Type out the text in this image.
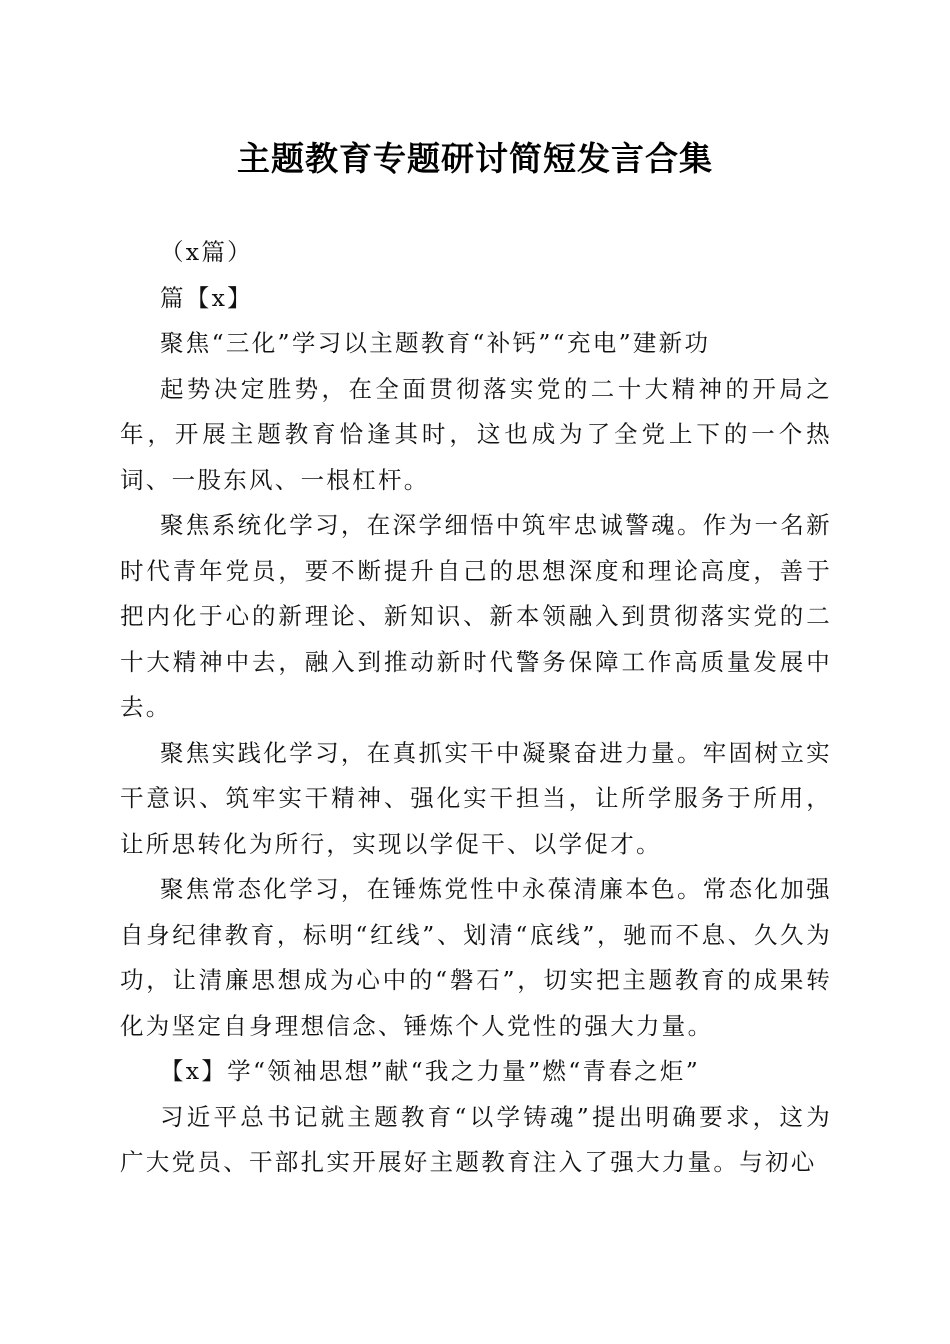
主题教育专题研讨简短发言合集

（x篇）

篇【x】

聚焦“三化”学习以主题教育“补钙”“充电”建新功

起势决定胜势，在全面贯彻落实党的二十大精神的开局之年，开展主题教育恰逢其时，这也成为了全党上下的一个热词、一股东风、一根杠杆。

聚焦系统化学习，在深学细悟中筑牢忠诚警魂。作为一名新时代青年党员，要不断提升自己的思想深度和理论高度，善于把内化于心的新理论、新知识、新本领融入到贯彻落实党的二十大精神中去，融入到推动新时代警务保障工作高质量发展中去。

聚焦实践化学习，在真抓实干中凝聚奋进力量。牢固树立实干意识、筑牢实干精神、强化实干担当，让所学服务于所用，让所思转化为所行，实现以学促干、以学促才。

聚焦常态化学习，在锤炼党性中永葆清廉本色。常态化加强自身纪律教育，标明“红线”、划清“底线”，驰而不息、久久为功，让清廉思想成为心中的“磐石”，切实把主题教育的成果转化为坚定自身理想信念、锤炼个人党性的强大力量。

【x】学“领袖思想”献“我之力量”燃“青春之炬”

习近平总书记就主题教育“以学铸魂”提出明确要求，这为广大党员、干部扎实开展好主题教育注入了强大力量。与初心
